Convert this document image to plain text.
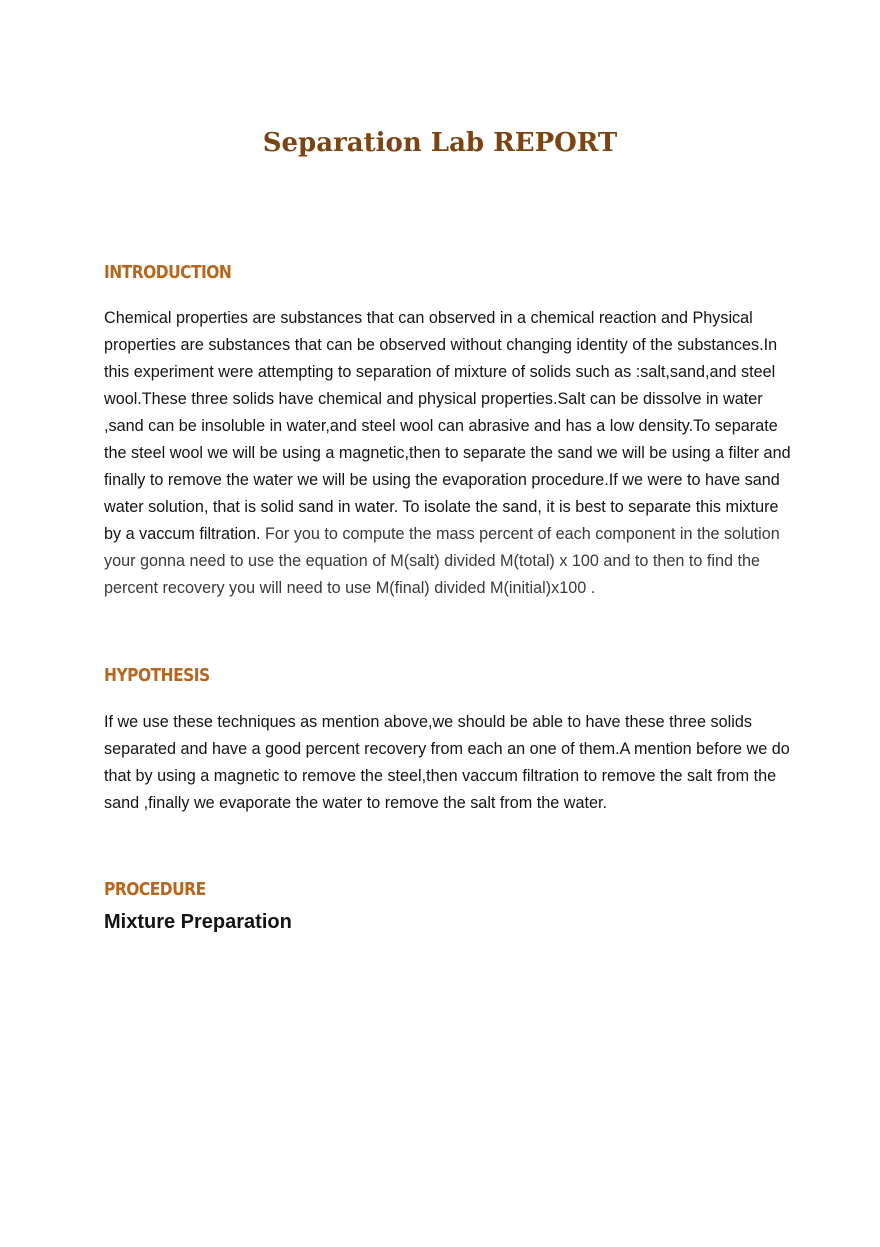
Separation Lab REPORT
INTRODUCTION

Chemical properties are substances that can observed in a chemical reaction and Physical properties are substances that can be observed without changing identity of the substances.In this experiment were attempting to separation of mixture of solids such as :salt,sand,and steel wool.These three solids have chemical and physical properties.Salt can be dissolve in water ,sand can be insoluble in water,and steel wool can abrasive and has a low density.To separate the steel wool we will be using a magnetic,then to separate the sand we will be using a filter and finally to remove the water we will be using the evaporation procedure.If we were to have sand water solution, that is solid sand in water. To isolate the sand, it is best to separate this mixture by a vaccum filtration. For you to compute the mass percent of each component in the solution your gonna need to use the equation of M(salt) divided M(total) x 100 and to then to find the percent recovery you will need to use M(final) divided M(initial)x100 .

HYPOTHESIS

If we use these techniques as mention above,we should be able to have these three solids separated and have a good percent recovery from each an one of them.A mention before we do that by using a magnetic to remove the steel,then vaccum filtration to remove the salt from the sand ,finally we evaporate the water to remove the salt from the water.

PROCEDURE
Mixture Preparation
